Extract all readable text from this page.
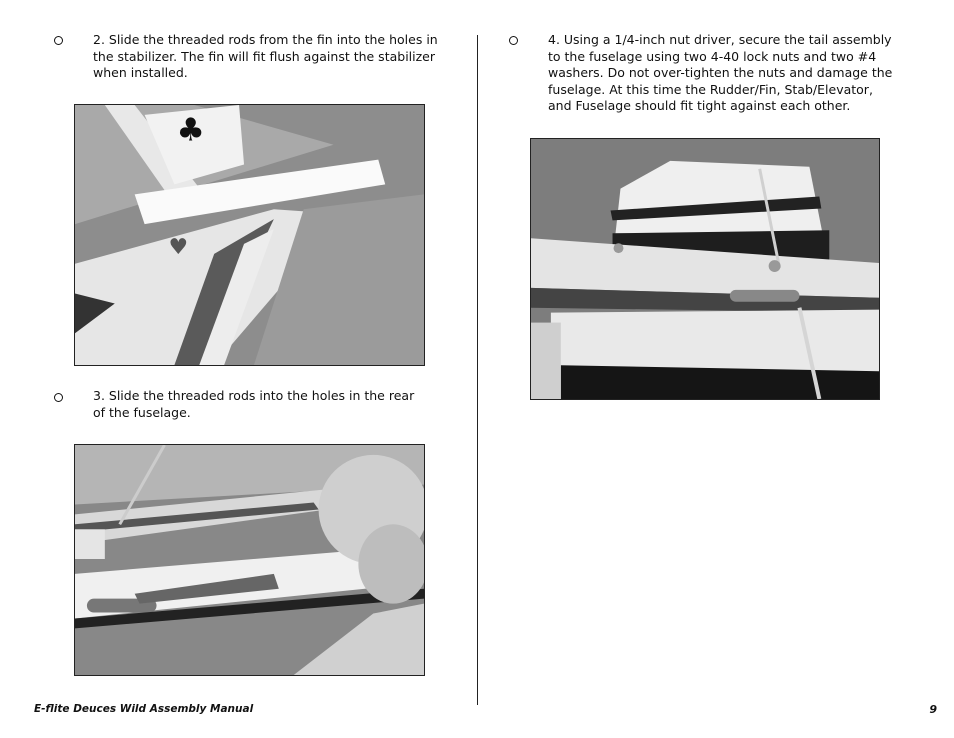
2. Slide the threaded rods from the fin into the holes in the stabilizer. The fin will fit flush against the stabilizer when installed.
♣
♥
3. Slide the threaded rods into the holes in the rear of the fuselage.
4. Using a 1/4-inch nut driver, secure the tail assembly to the fuselage using two 4-40 lock nuts and two #4 washers. Do not over-tighten the nuts and damage the fuselage. At this time the Rudder/Fin, Stab/Elevator, and Fuselage should fit tight against each other.
E-flite Deuces Wild Assembly Manual	9
